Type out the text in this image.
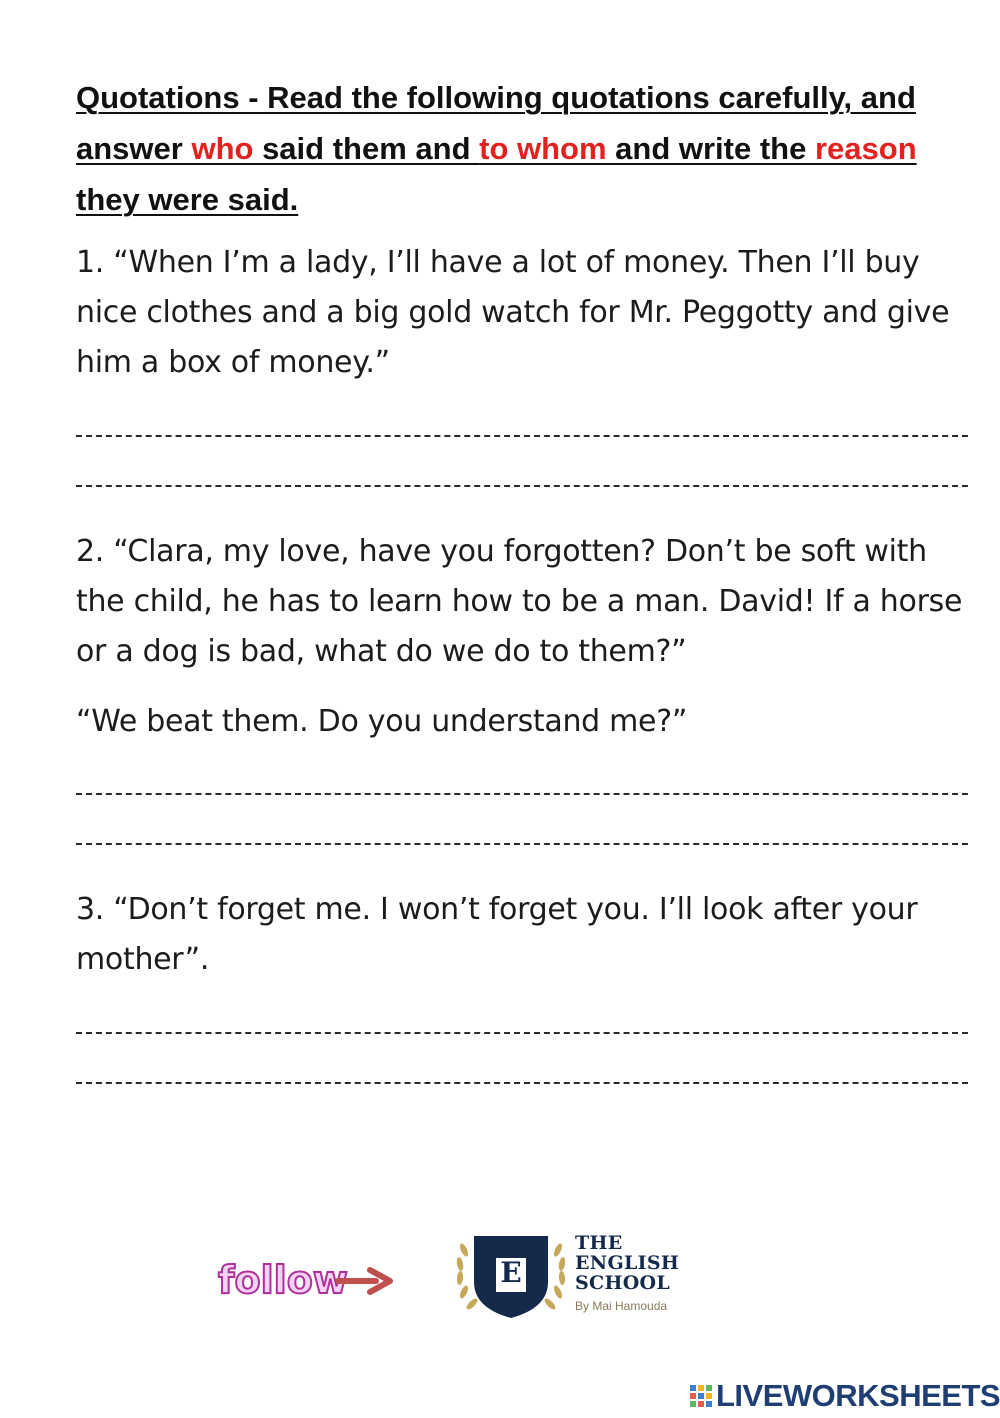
Quotations - Read the following quotations carefully, and answer who said them and to whom and write the reason they were said.
1. “When I’m a lady, I’ll have a lot of money. Then I’ll buy nice clothes and a big gold watch for Mr. Peggotty and give him a box of money.”
2. “Clara, my love, have you forgotten? Don’t be soft with the child, he has to learn how to be a man. David! If a horse or a dog is bad, what do we do to them?”
“We beat them. Do you understand me?”
3. “Don’t forget me. I won’t forget you. I’ll look after your mother”.
follow	E
THE
ENGLISH
SCHOOL
By Mai Hamouda
LIVEWORKSHEETS
